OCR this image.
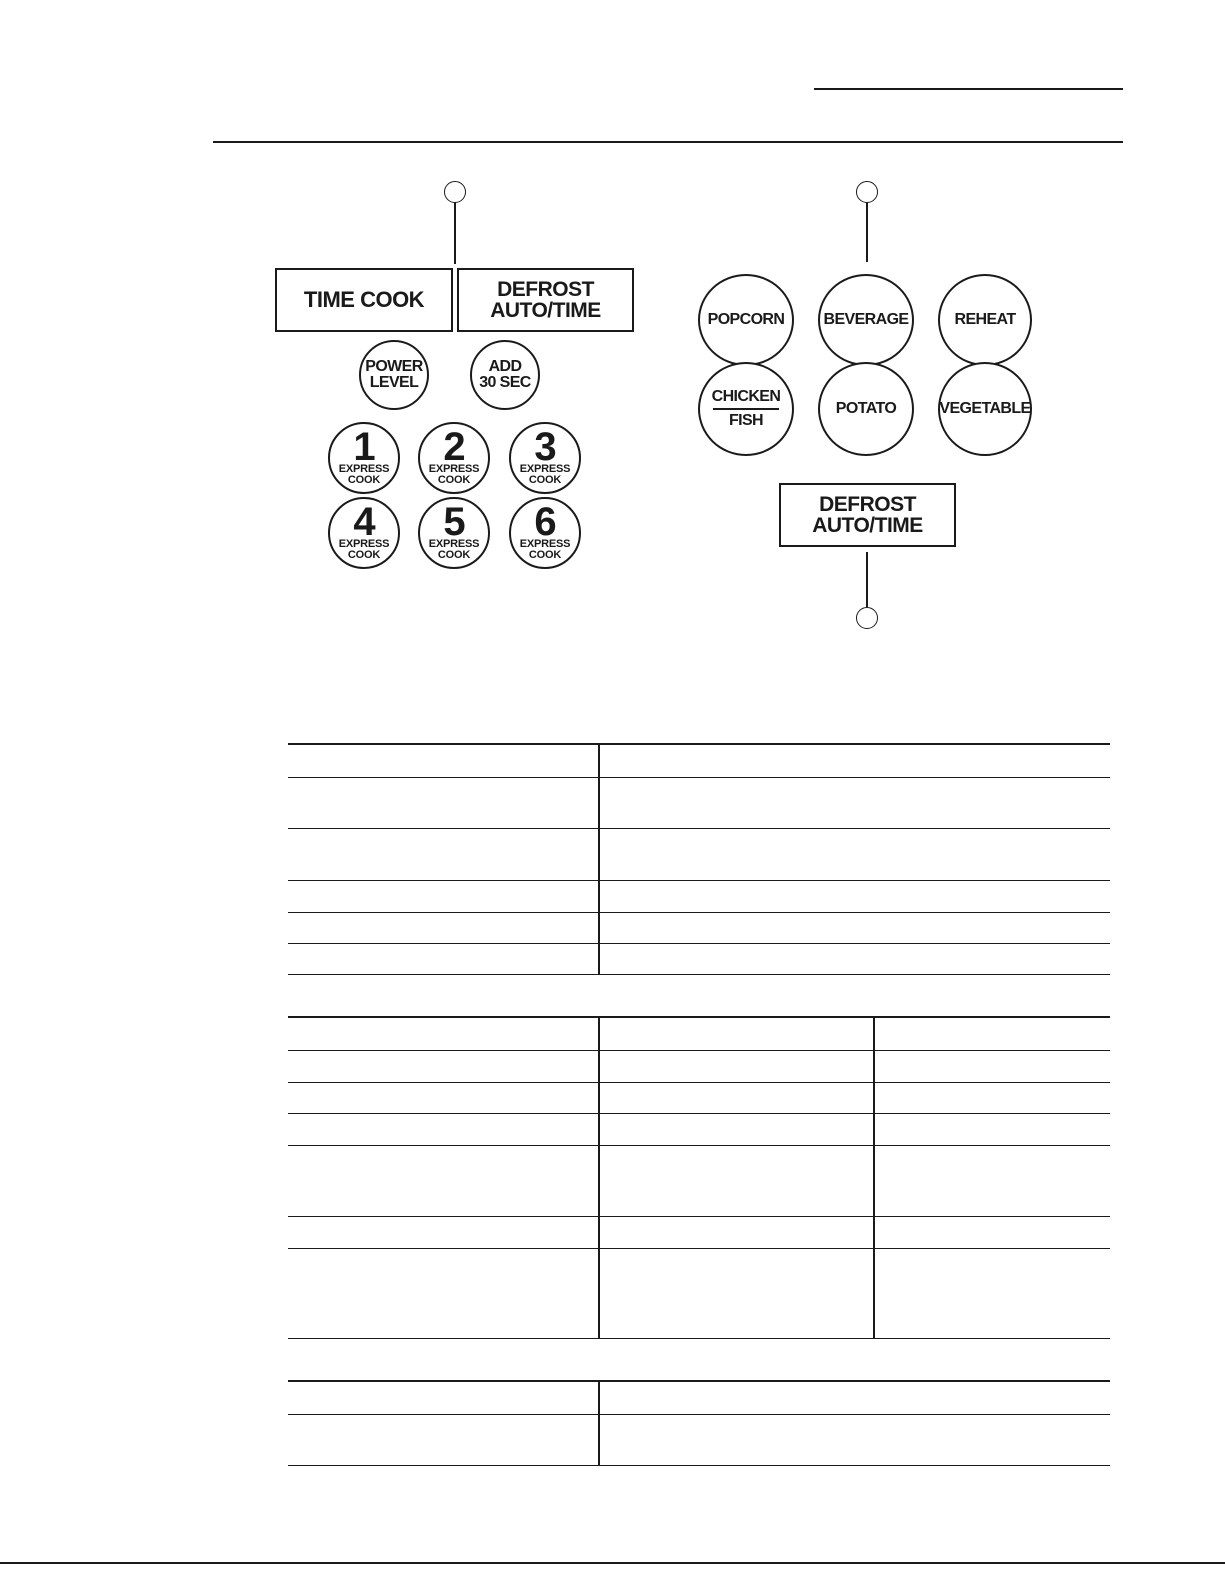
TIME COOK	DEFROST
AUTO/TIME
POWER
LEVEL
ADD
30 SEC
1
EXPRESS
COOK
2
EXPRESS
COOK
3
EXPRESS
COOK
4
EXPRESS
COOK
5
EXPRESS
COOK
6
EXPRESS
COOK
POPCORN BEVERAGE	REHEAT
CHICKEN
FISH
POTATO	VEGETABLE
DEFROST
AUTO/TIME
